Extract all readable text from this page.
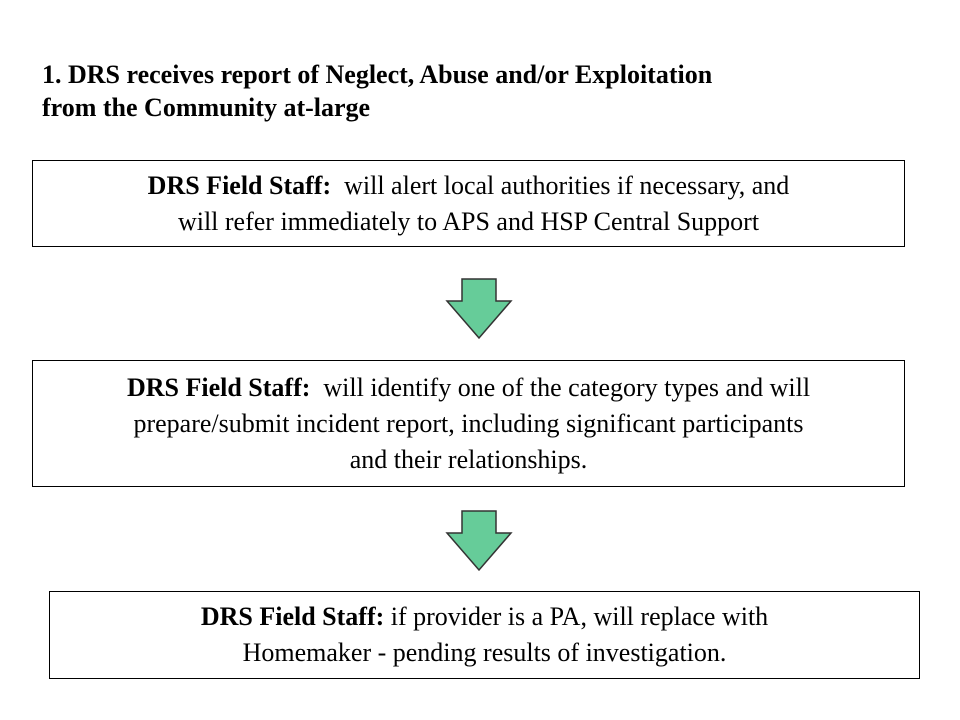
1. DRS receives report of Neglect, Abuse and/or Exploitation
from the Community at-large
DRS Field Staff: will alert local authorities if necessary, and
will refer immediately to APS and HSP Central Support
DRS Field Staff: will identify one of the category types and will
prepare/submit incident report, including significant participants
and their relationships.
DRS Field Staff: if provider is a PA, will replace with
Homemaker - pending results of investigation.
